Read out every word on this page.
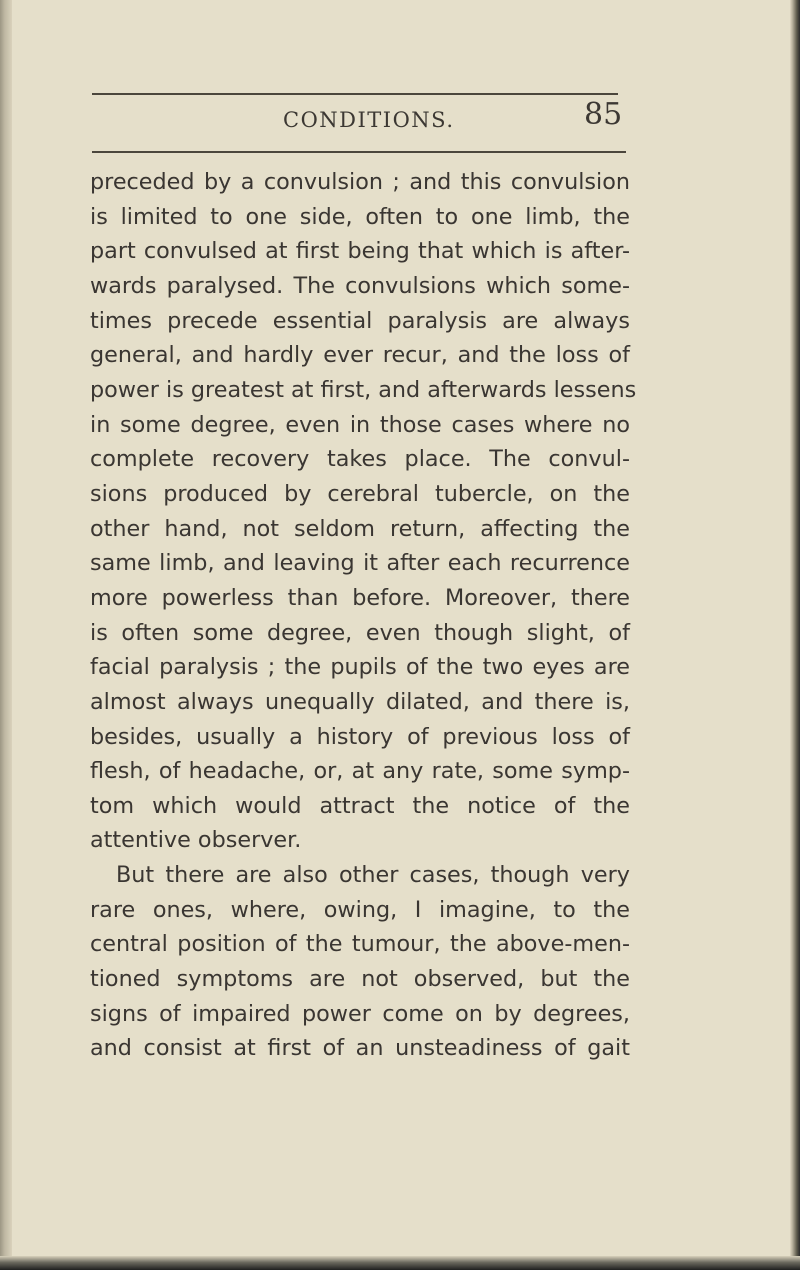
CONDITIONS.	85
preceded by a convulsion ; and this convulsion
is limited to one side, often to one limb, the
part convulsed at first being that which is after-
wards paralysed. The convulsions which some-
times precede essential paralysis are always
general, and hardly ever recur, and the loss of
power is greatest at first, and afterwards lessens
in some degree, even in those cases where no
complete recovery takes place. The convul-
sions produced by cerebral tubercle, on the
other hand, not seldom return, affecting the
same limb, and leaving it after each recurrence
more powerless than before. Moreover, there
is often some degree, even though slight, of
facial paralysis ; the pupils of the two eyes are
almost always unequally dilated, and there is,
besides, usually a history of previous loss of
flesh, of headache, or, at any rate, some symp-
tom which would attract the notice of the
attentive observer.
But there are also other cases, though very
rare ones, where, owing, I imagine, to the
central position of the tumour, the above-men-
tioned symptoms are not observed, but the
signs of impaired power come on by degrees,
and consist at first of an unsteadiness of gait
